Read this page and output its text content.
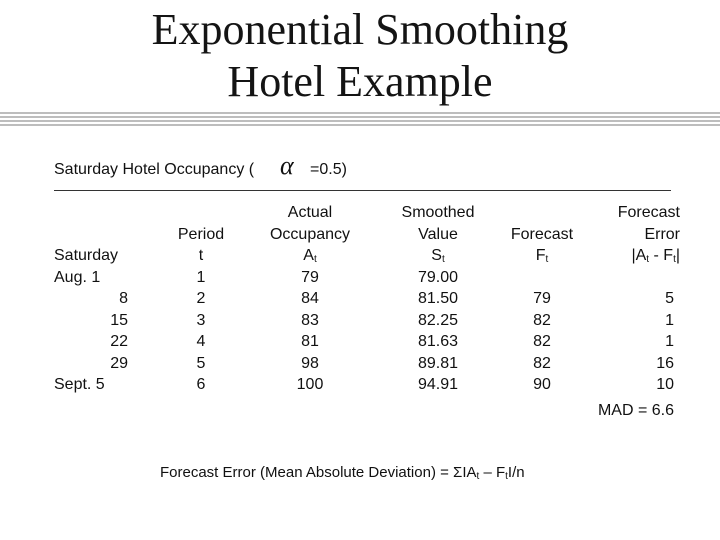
Exponential Smoothing
Hotel Example
Saturday Hotel Occupancy ( α =0.5)
Saturday
Aug. 1
8
15
22
29
Sept. 5
Period
t
1
2
3
4
5
6
Actual
Occupancy
$A_t$
79
84
83
81
98
100
Smoothed
Value
$S_t$
79.00
81.50
82.25
81.63
89.81
94.91
Forecast
$F_t$
79
82
82
82
90
Forecast
Error
$|A_t - F_t|$
5
1
1
16
10
MAD = 6.6
Forecast Error (Mean Absolute Deviation) = $\Sigma IA_t - F_tI/n$
